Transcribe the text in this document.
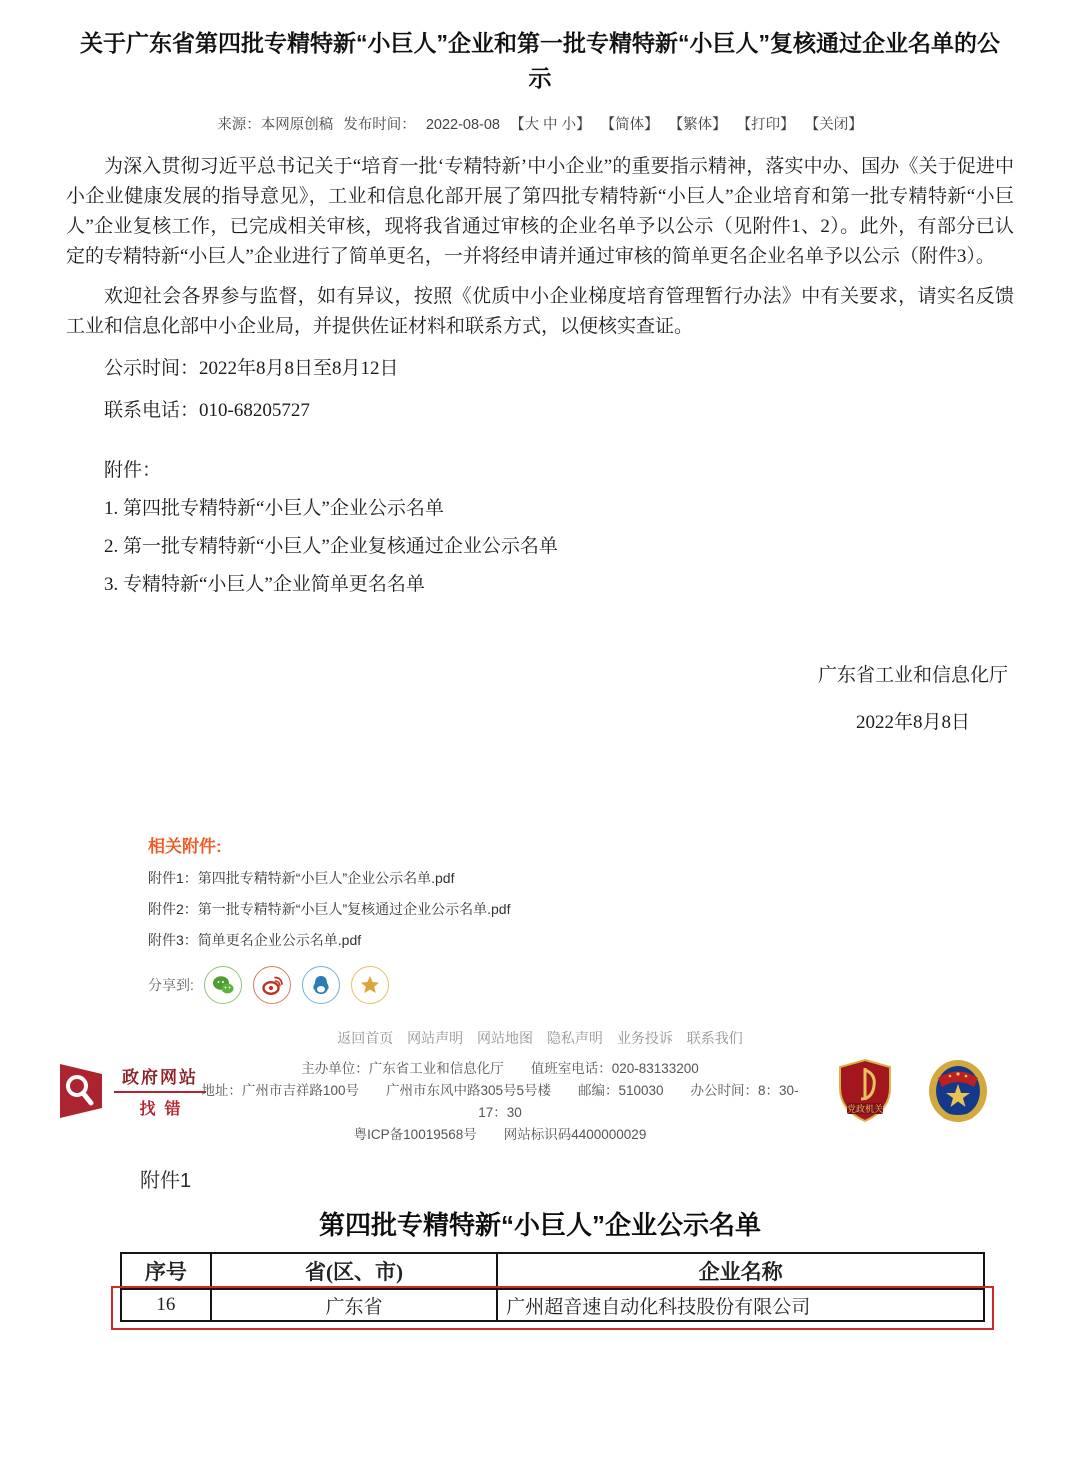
关于广东省第四批专精特新“小巨人”企业和第一批专精特新“小巨人”复核通过企业名单的公示
来源：本网原创稿 发布时间： 2022-08-08 【大 中 小】 【简体】 【繁体】 【打印】 【关闭】

为深入贯彻习近平总书记关于“培育一批‘专精特新’中小企业”的重要指示精神，落实中办、国办《关于促进中小企业健康发展的指导意见》，工业和信息化部开展了第四批专精特新“小巨人”企业培育和第一批专精特新“小巨人”企业复核工作，已完成相关审核，现将我省通过审核的企业名单予以公示（见附件1、2）。此外，有部分已认定的专精特新“小巨人”企业进行了简单更名，一并将经申请并通过审核的简单更名企业名单予以公示（附件3）。

欢迎社会各界参与监督，如有异议，按照《优质中小企业梯度培育管理暂行办法》中有关要求，请实名反馈工业和信息化部中小企业局，并提供佐证材料和联系方式，以便核实查证。

公示时间：2022年8月8日至8月12日

联系电话：010-68205727

附件：

1. 第四批专精特新“小巨人”企业公示名单

2. 第一批专精特新“小巨人”企业复核通过企业公示名单

3. 专精特新“小巨人”企业简单更名名单

广东省工业和信息化厅
2022年8月8日
相关附件:
附件1：第四批专精特新“小巨人”企业公示名单.pdf
附件2：第一批专精特新“小巨人”复核通过企业公示名单.pdf
附件3：简单更名企业公示名单.pdf
分享到:
返回首页 网站声明 网站地图 隐私声明 业务投诉 联系我们
政府网站
找错
主办单位：广东省工业和信息化厅　　值班室电话：020-83133200
地址：广州市吉祥路100号　　广州市东风中路305号5号楼　　邮编：510030　　办公时间：8：30-17：30
粤ICP备10019568号　　网站标识码4400000029
党政机关
附件1
第四批专精特新“小巨人”企业公示名单
序号	省(区、市)	企业名称
16	广东省	广州超音速自动化科技股份有限公司
